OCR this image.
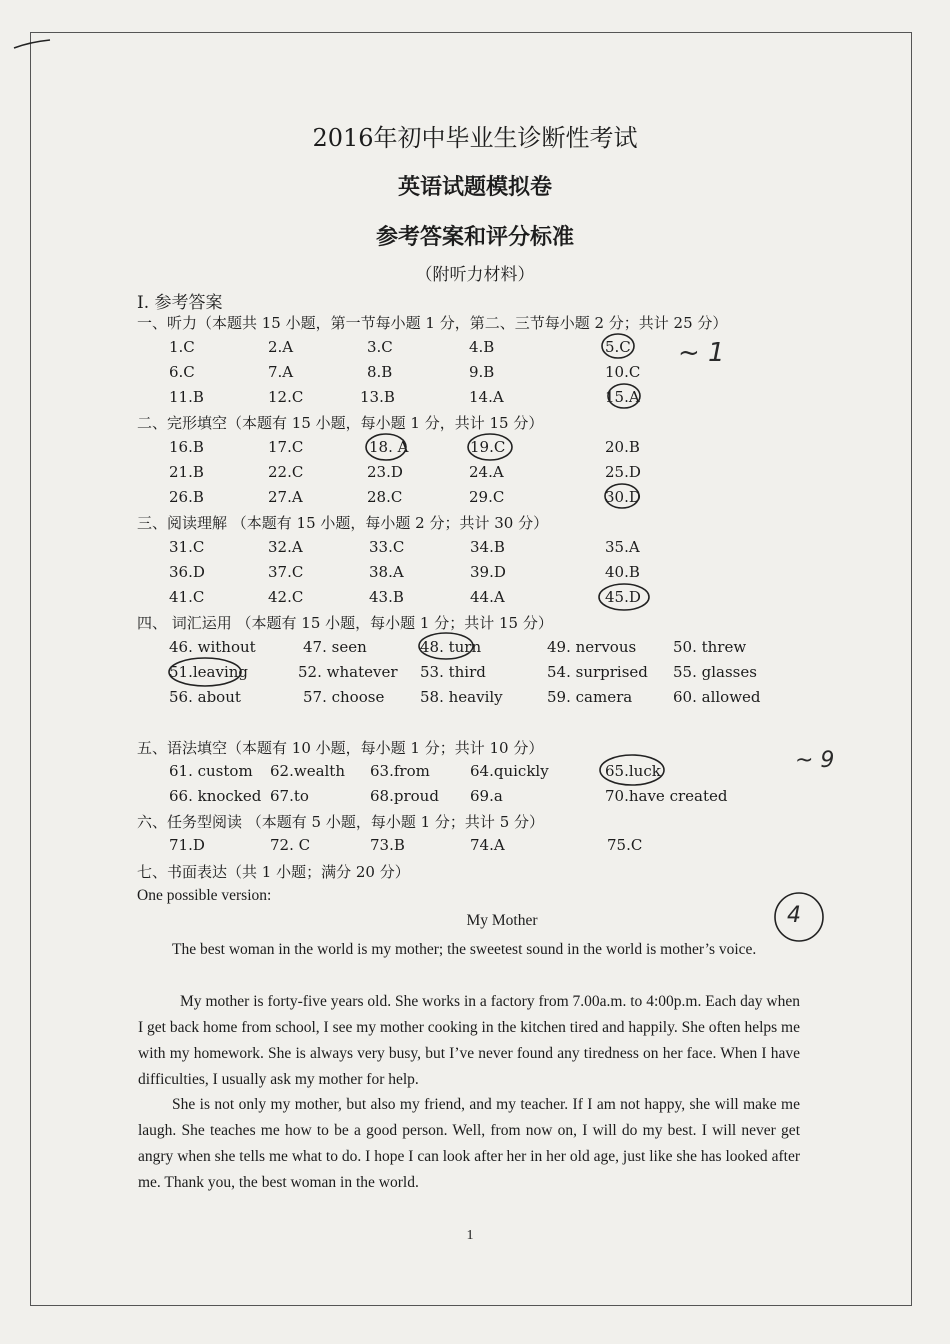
2016年初中毕业生诊断性考试
英语试题模拟卷
参考答案和评分标准
（附听力材料）
I. 参考答案
一、听力（本题共 15 小题，第一节每小题 1 分，第二、三节每小题 2 分；共计 25 分）
1.C	2.A	3.C	4.B	5.C
6.C	7.A	8.B	9.B	10.C
11.B	12.C	13.B	14.A	15.A
二、完形填空（本题有 15 小题，每小题 1 分，共计 15 分）
16.B	17.C	18. A	19.C	20.B
21.B	22.C	23.D	24.A	25.D
26.B	27.A	28.C	29.C	30.D
三、阅读理解 （本题有 15 小题，每小题 2 分；共计 30 分）
31.C	32.A	33.C	34.B	35.A
36.D	37.C	38.A	39.D	40.B
41.C	42.C	43.B	44.A	45.D
四、 词汇运用 （本题有 15 小题，每小题 1 分；共计 15 分）
46. without	47. seen	48. turn	49. nervous 50. threw
51.leaving	52. whatever 53. third	54. surprised 55. glasses
56. about	57. choose 58. heavily	59. camera	60. allowed
五、语法填空（本题有 10 小题，每小题 1 分；共计 10 分）
61. custom 62.wealth 63.from	64.quickly	65.luck
66. knocked 67.to	68.proud 69.a	70.have created
六、任务型阅读 （本题有 5 小题，每小题 1 分；共计 5 分）
71.D	72. C	73.B	74.A	75.C
七、书面表达（共 1 小题；满分 20 分）
One possible version:
My Mother
The best woman in the world is my mother; the sweetest sound in the world is mother’s voice.
My mother is forty-five years old. She works in a factory from 7.00a.m. to 4:00p.m. Each day when I get back home from school, I see my mother cooking in the kitchen tired and happily. She often helps me with my homework. She is always very busy, but I’ve never found any tiredness on her face. When I have difficulties, I usually ask my mother for help.
She is not only my mother, but also my friend, and my teacher. If I am not happy, she will make me laugh. She teaches me how to be a good person. Well, from now on, I will do my best. I will never get angry when she tells me what to do. I hope I can look after her in her old age, just like she has looked after me. Thank you, the best woman in the world.
1
~ 1
~ 9
4
